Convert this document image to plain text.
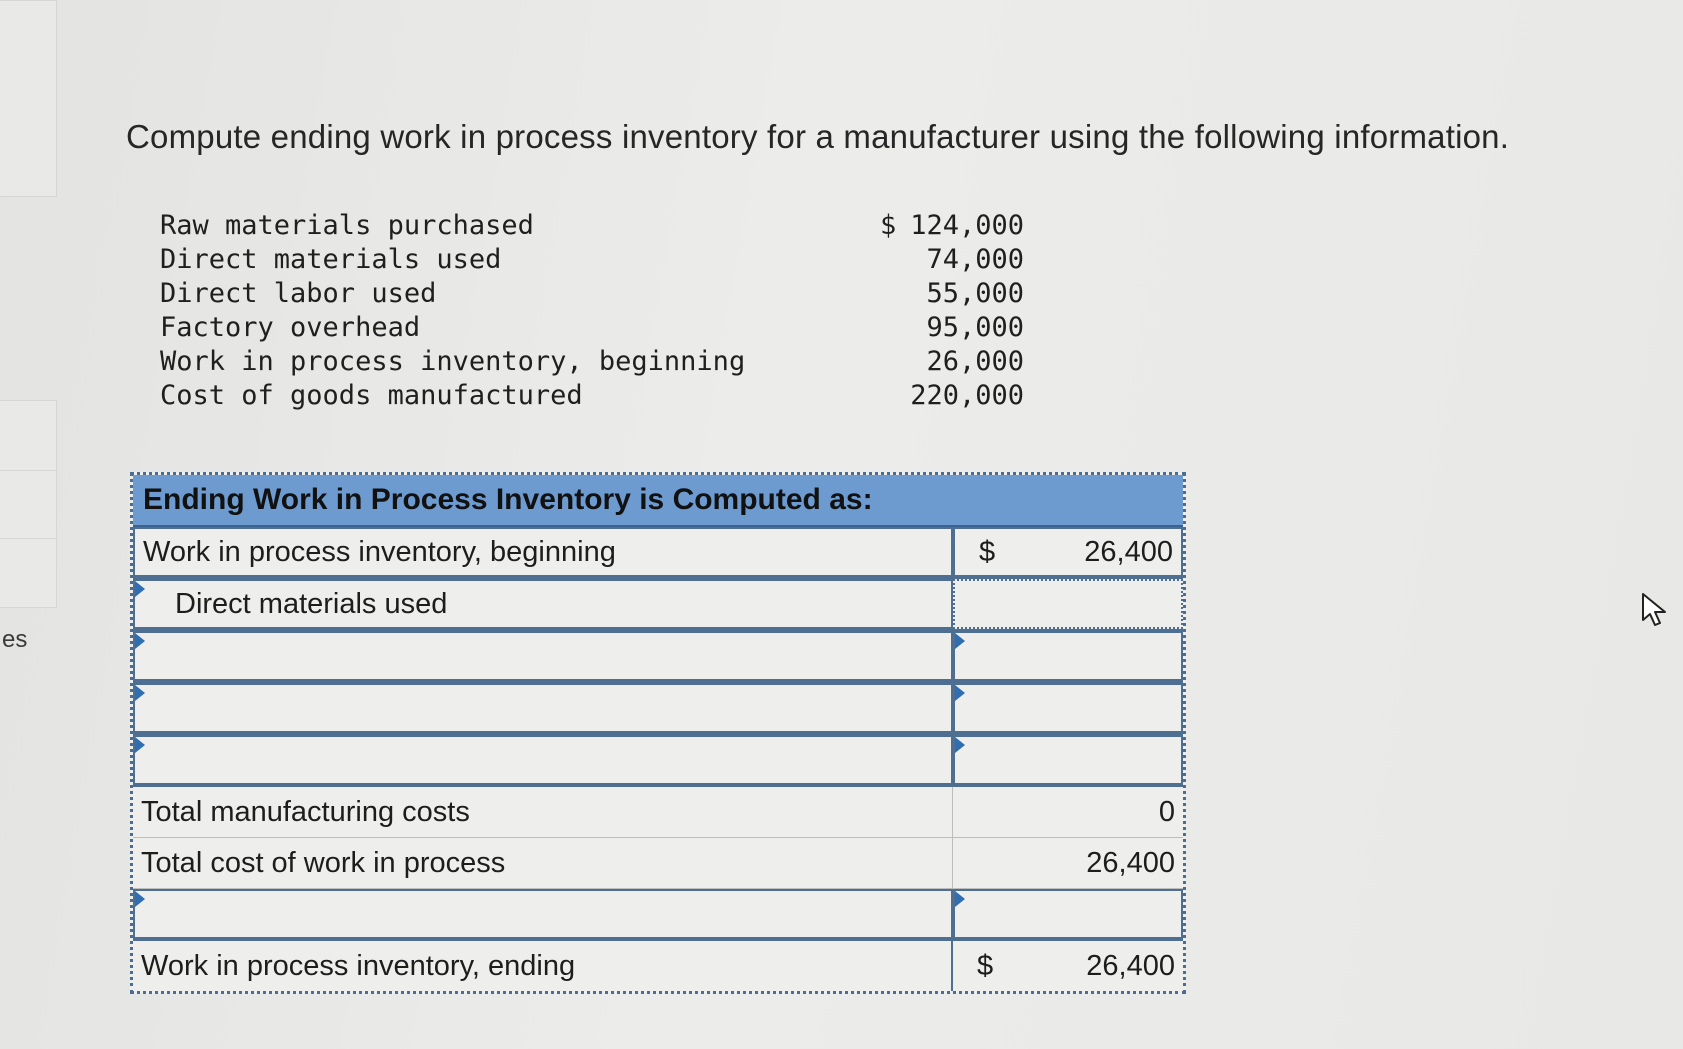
es
Compute ending work in process inventory for a manufacturer using the following information.
Raw materials purchased	$ 124,000
Direct materials used	74,000
Direct labor used	55,000
Factory overhead	95,000
Work in process inventory, beginning	26,000
Cost of goods manufactured	220,000
Ending Work in Process Inventory is Computed as:
Work in process inventory, beginning	$	26,400
Direct materials used
Total manufacturing costs	0
Total cost of work in process	26,400
Work in process inventory, ending	$	26,400
